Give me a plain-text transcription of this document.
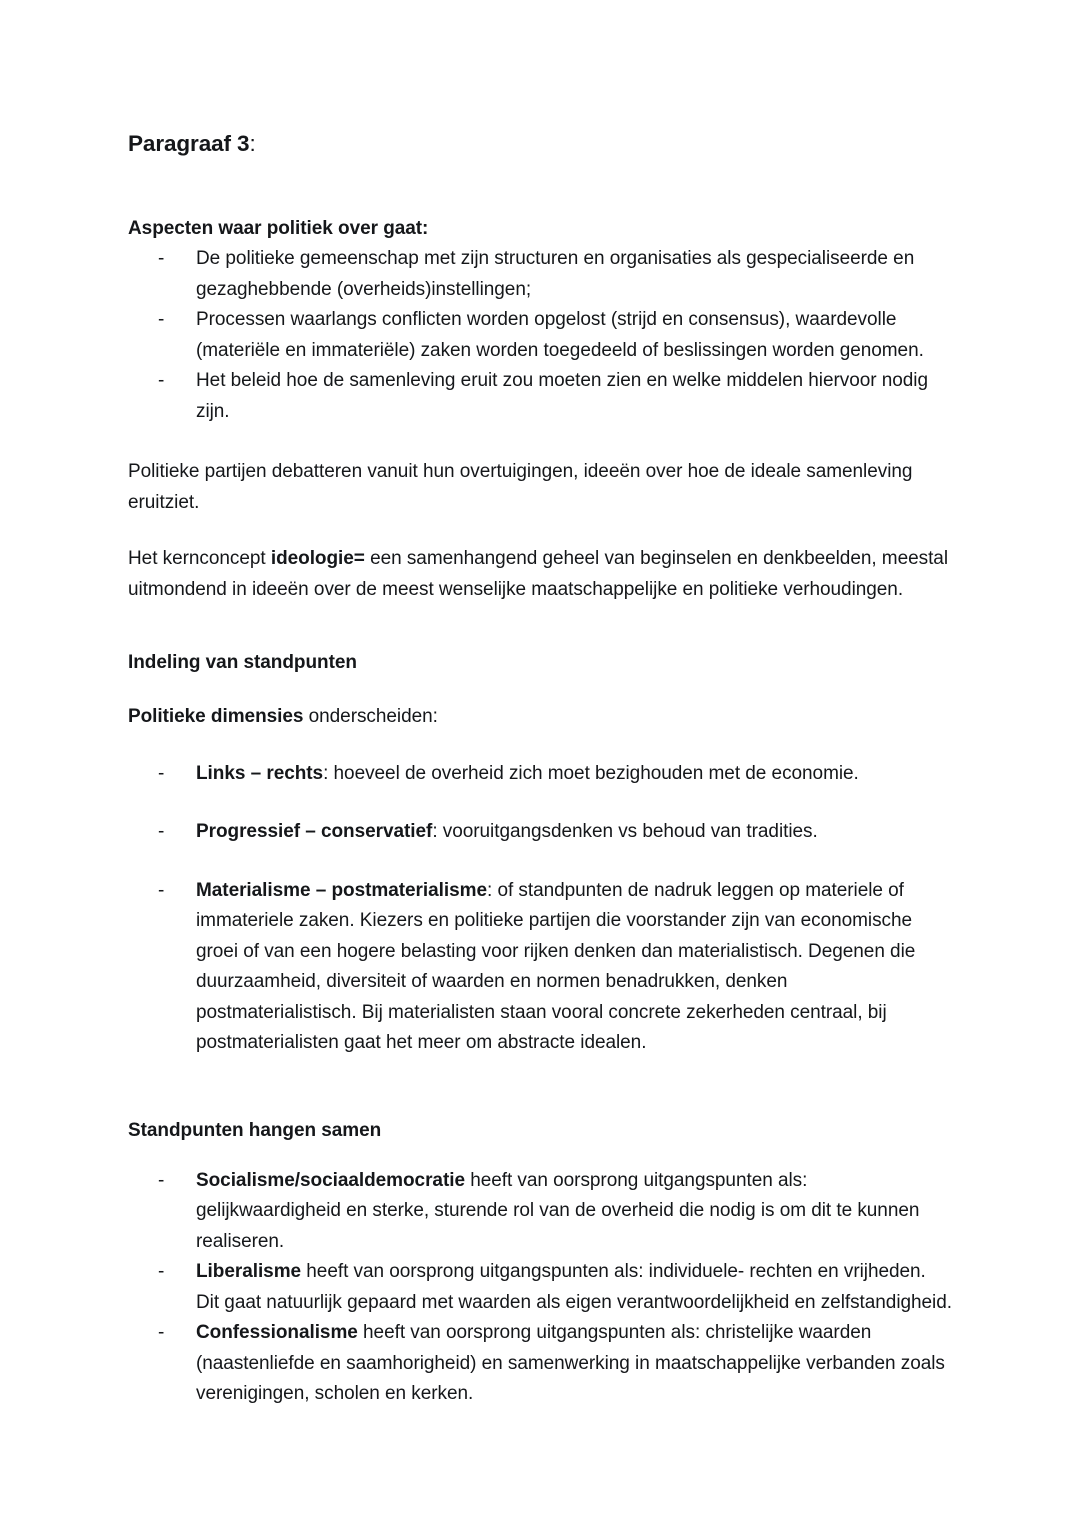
Paragraaf 3:
Aspecten waar politiek over gaat:
- De politieke gemeenschap met zijn structuren en organisaties als gespecialiseerde en gezaghebbende (overheids)instellingen;
- Processen waarlangs conflicten worden opgelost (strijd en consensus), waardevolle (materiële en immateriële) zaken worden toegedeeld of beslissingen worden genomen.
- Het beleid hoe de samenleving eruit zou moeten zien en welke middelen hiervoor nodig zijn.

Politieke partijen debatteren vanuit hun overtuigingen, ideeën over hoe de ideale samenleving eruitziet.

Het kernconcept ideologie= een samenhangend geheel van beginselen en denkbeelden, meestal uitmondend in ideeën over de meest wenselijke maatschappelijke en politieke verhoudingen.

Indeling van standpunten

Politieke dimensies onderscheiden:

- Links – rechts: hoeveel de overheid zich moet bezighouden met de economie.
- Progressief – conservatief: vooruitgangsdenken vs behoud van tradities.
- Materialisme – postmaterialisme: of standpunten de nadruk leggen op materiele of immateriele zaken. Kiezers en politieke partijen die voorstander zijn van economische groei of van een hogere belasting voor rijken denken dan materialistisch. Degenen die duurzaamheid, diversiteit of waarden en normen benadrukken, denken postmaterialistisch. Bij materialisten staan vooral concrete zekerheden centraal, bij postmaterialisten gaat het meer om abstracte idealen.
Standpunten hangen samen
- Socialisme/sociaaldemocratie heeft van oorsprong uitgangspunten als: gelijkwaardigheid en sterke, sturende rol van de overheid die nodig is om dit te kunnen realiseren.
- Liberalisme heeft van oorsprong uitgangspunten als: individuele- rechten en vrijheden. Dit gaat natuurlijk gepaard met waarden als eigen verantwoordelijkheid en zelfstandigheid.
- Confessionalisme heeft van oorsprong uitgangspunten als: christelijke waarden (naastenliefde en saamhorigheid) en samenwerking in maatschappelijke verbanden zoals verenigingen, scholen en kerken.
